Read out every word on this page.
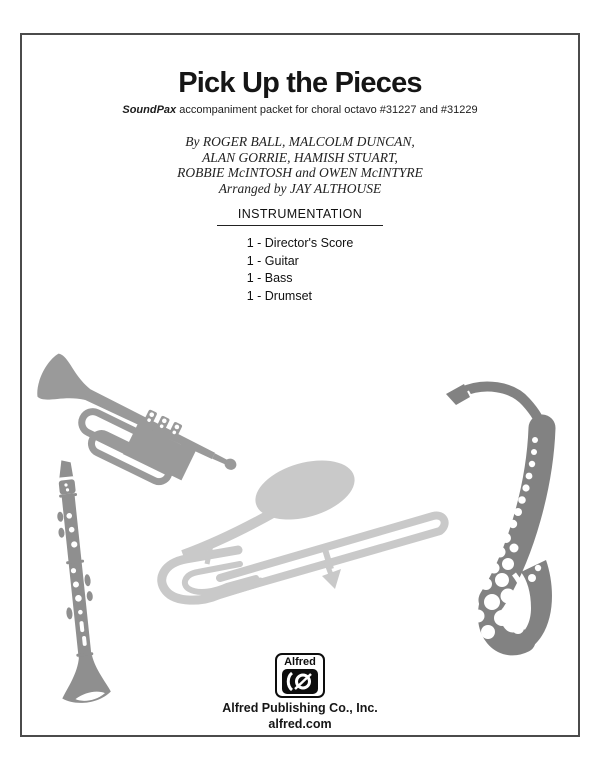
Pick Up the Pieces
SoundPax accompaniment packet for choral octavo #31227 and #31229
By ROGER BALL, MALCOLM DUNCAN,
ALAN GORRIE, HAMISH STUART,
ROBBIE McINTOSH and OWEN McINTYRE
Arranged by JAY ALTHOUSE
INSTRUMENTATION
1 - Director's Score
1 - Guitar
1 - Bass
1 - Drumset
Alfred
Alfred Publishing Co., Inc.
alfred.com
